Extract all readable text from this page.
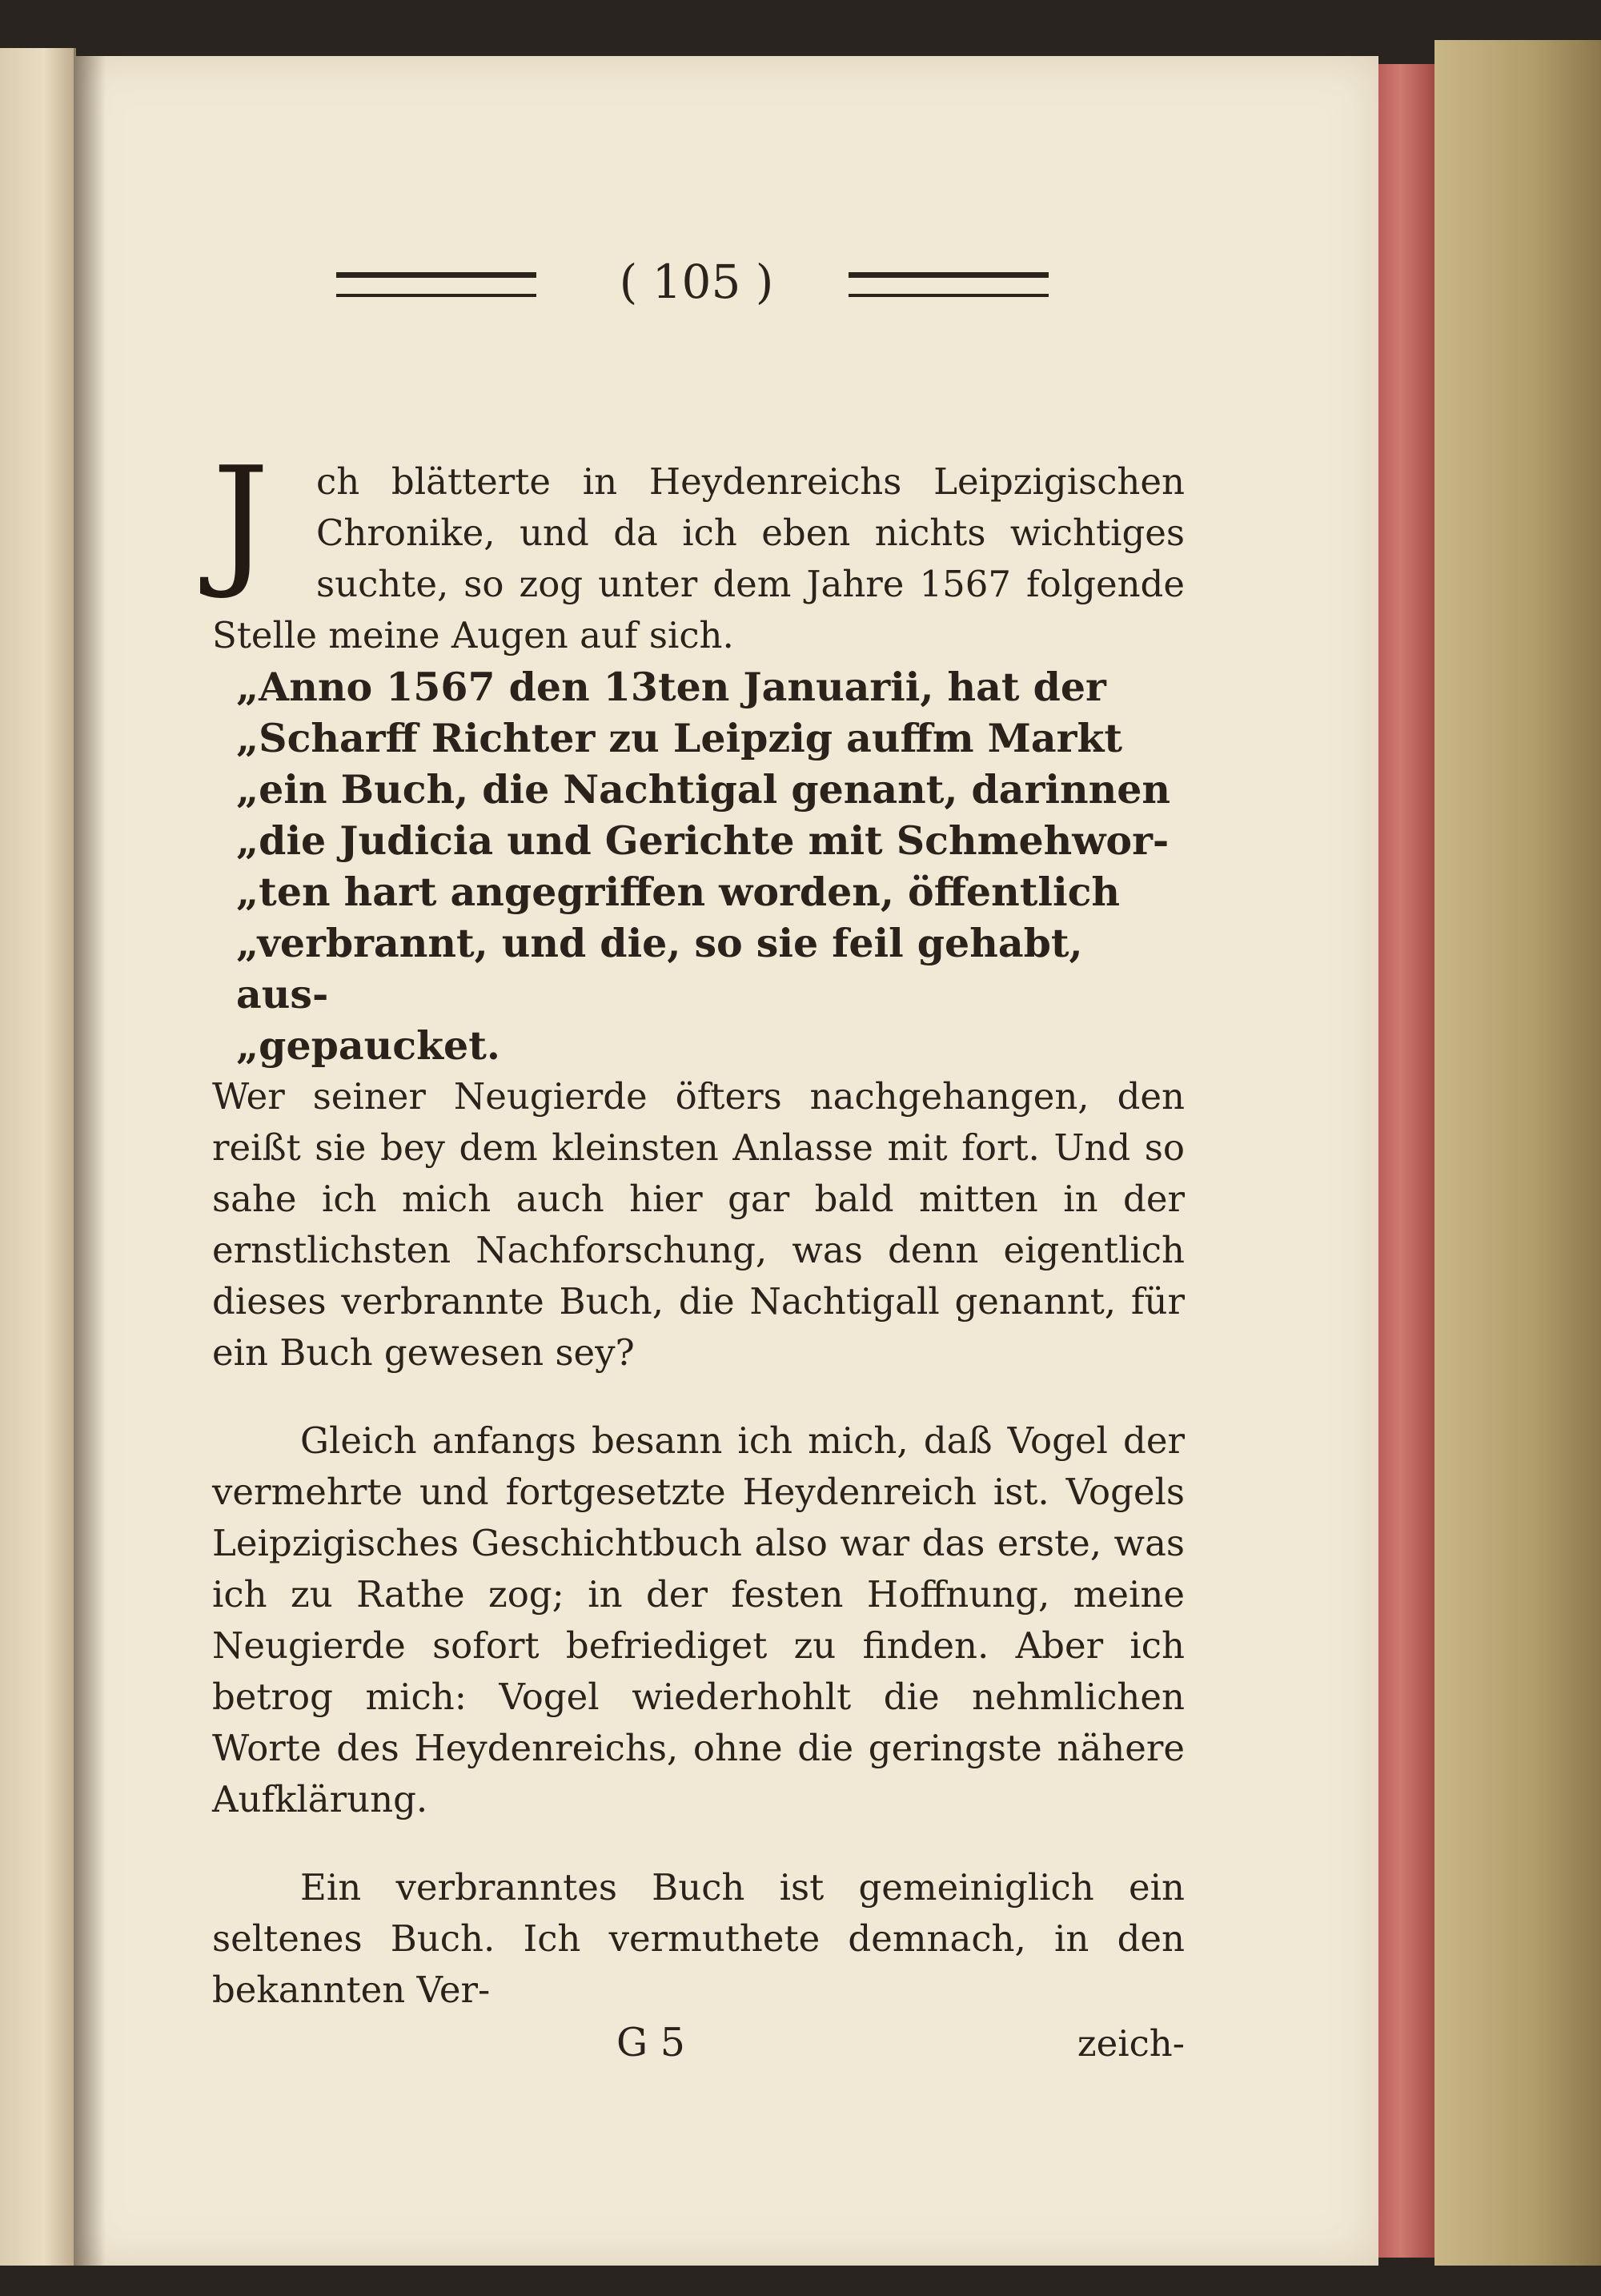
( 105 )

J	ch blätterte in Heydenreichs Leipzigischen Chronike, und da ich eben nichts wichtiges suchte, so zog unter dem Jahre 1567 folgende Stelle meine Augen auf sich.

„Anno 1567 den 13ten Januarii, hat der
„Scharff Richter zu Leipzig auffm Markt
„ein Buch, die Nachtigal genant, darinnen
„die Judicia und Gerichte mit Schmehwor-
„ten hart angegriffen worden, öffentlich
„verbrannt, und die, so sie feil gehabt, aus-
„gepaucket.

Wer seiner Neugierde öfters nachgehangen, den reißt sie bey dem kleinsten Anlasse mit fort. Und so sahe ich mich auch hier gar bald mitten in der ernstlichsten Nachforschung, was denn eigentlich dieses verbrannte Buch, die Nachtigall genannt, für ein Buch gewesen sey?

Gleich anfangs besann ich mich, daß Vogel der vermehrte und fortgesetzte Heydenreich ist. Vogels Leipzigisches Geschichtbuch also war das erste, was ich zu Rathe zog; in der festen Hoffnung, meine Neugierde sofort befriediget zu finden. Aber ich betrog mich: Vogel wiederhohlt die nehmlichen Worte des Heydenreichs, ohne die geringste nähere Aufklärung.

Ein verbranntes Buch ist gemeiniglich ein seltenes Buch. Ich vermuthete demnach, in den bekannten Ver-

G 5	zeich-
